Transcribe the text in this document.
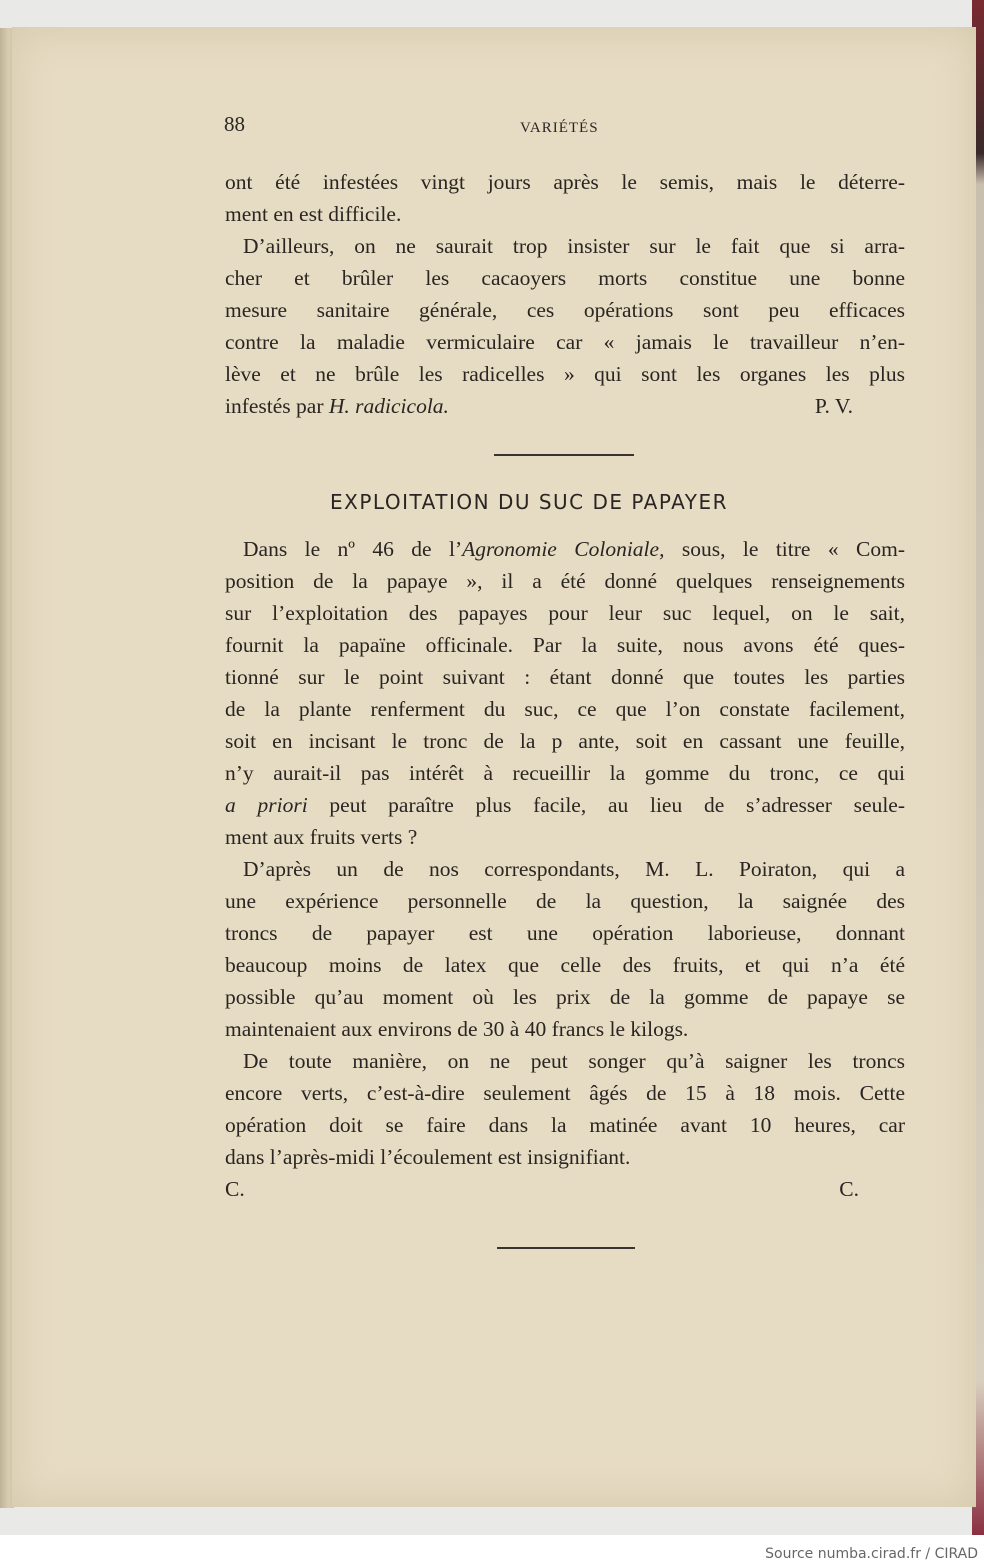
88	VARIÉTÉS
ont été infestées vingt jours après le semis, mais le déterre-
ment en est difficile.
D’ailleurs, on ne saurait trop insister sur le fait que si arra-
cher et brûler les cacaoyers morts constitue une bonne
mesure sanitaire générale, ces opérations sont peu efficaces
contre la maladie vermiculaire car « jamais le travailleur n’en-
lève et ne brûle les radicelles » qui sont les organes les plus
infestés par H. radicicola.	P. V.
EXPLOITATION DU SUC DE PAPAYER
Dans le nº 46 de l’Agronomie Coloniale, sous, le titre « Com-
position de la papaye », il a été donné quelques renseignements
sur l’exploitation des papayes pour leur suc lequel, on le sait,
fournit la papaïne officinale. Par la suite, nous avons été ques-
tionné sur le point suivant : étant donné que toutes les parties
de la plante renferment du suc, ce que l’on constate facilement,
soit en incisant le tronc de la p ante, soit en cassant une feuille,
n’y aurait-il pas intérêt à recueillir la gomme du tronc, ce qui
a priori peut paraître plus facile, au lieu de s’adresser seule-
ment aux fruits verts ?
D’après un de nos correspondants, M. L. Poiraton, qui a
une expérience personnelle de la question, la saignée des
troncs de papayer est une opération laborieuse, donnant
beaucoup moins de latex que celle des fruits, et qui n’a été
possible qu’au moment où les prix de la gomme de papaye se
maintenaient aux environs de 30 à 40 francs le kilogs.
De toute manière, on ne peut songer qu’à saigner les troncs
encore verts, c’est-à-dire seulement âgés de 15 à 18 mois. Cette
opération doit se faire dans la matinée avant 10 heures, car
dans l’après-midi l’écoulement est insignifiant.
C. C.
Source numba.cirad.fr / CIRAD
